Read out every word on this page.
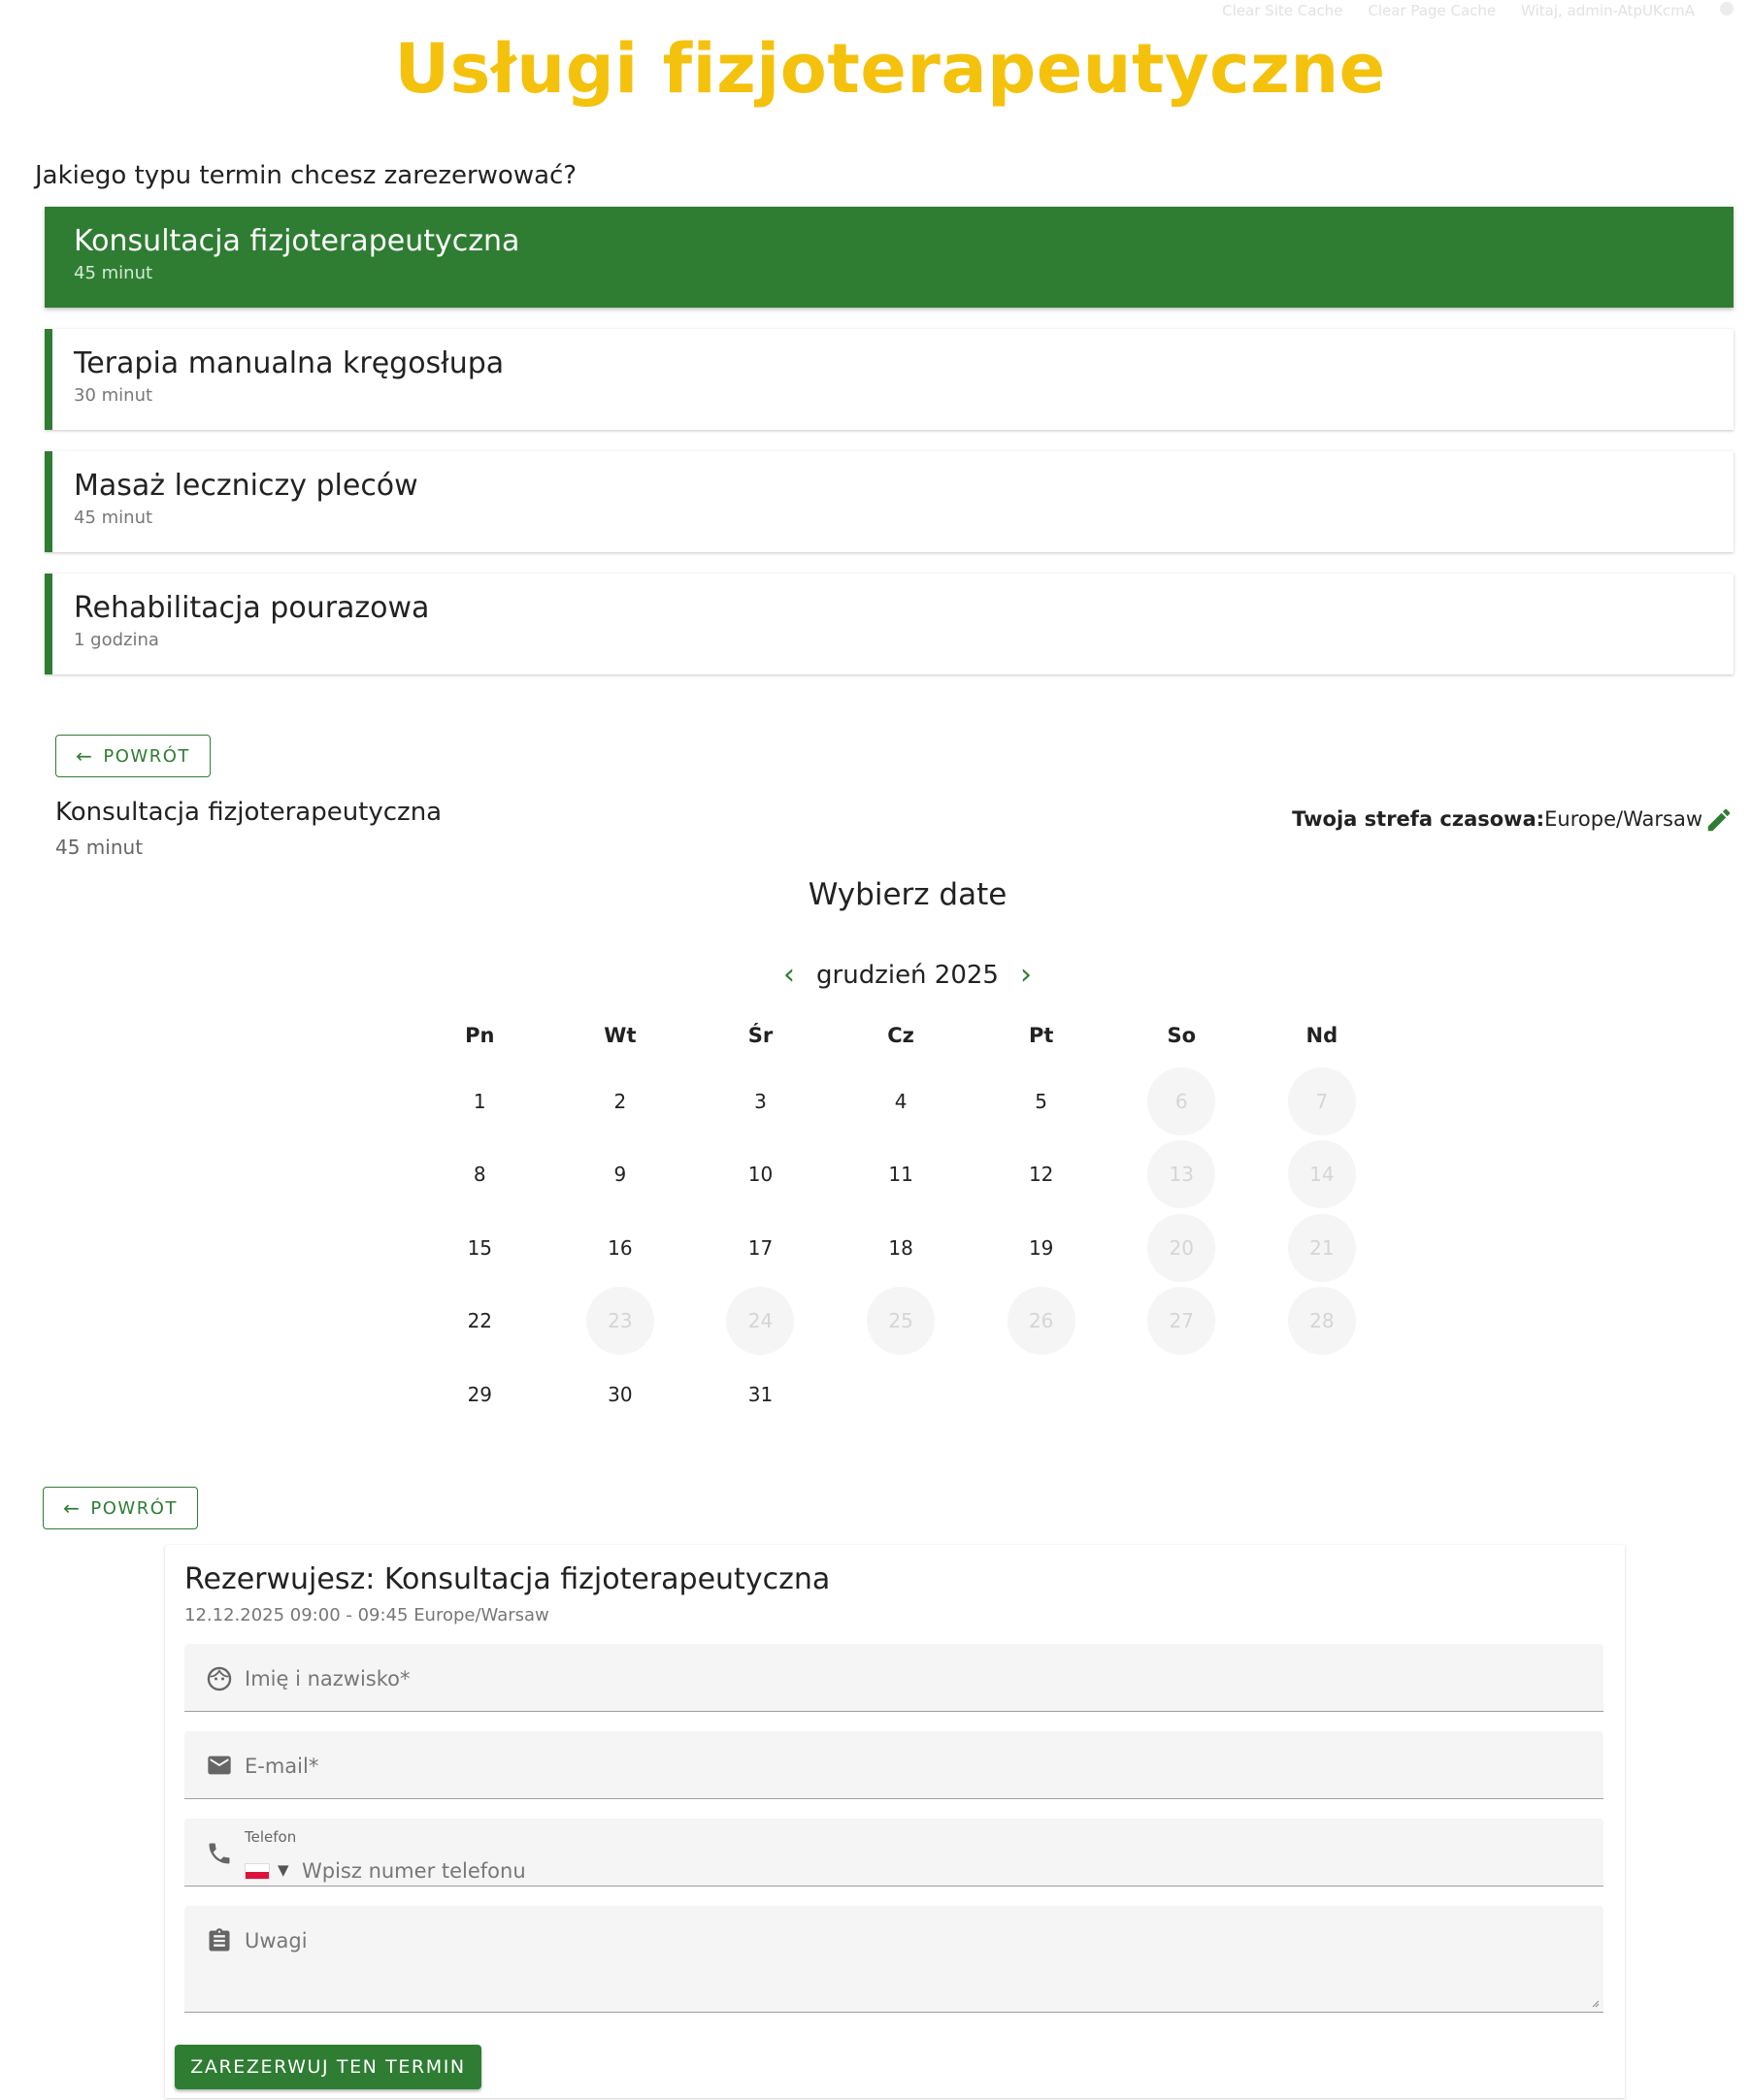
Clear Site Cache Clear Page Cache Witaj, admin-AtpUKcmA
Usługi fizjoterapeutyczne
Jakiego typu termin chcesz zarezerwować?
Konsultacja fizjoterapeutyczna
45 minut
Terapia manualna kręgosłupa
30 minut
Masaż leczniczy pleców
45 minut
Rehabilitacja pourazowa
1 godzina
← POWRÓT
Konsultacja fizjoterapeutyczna
45 minut
Twoja strefa czasowa: Europe/Warsaw
Wybierz date
‹ grudzień 2025 ›
Pn	Wt	Śr	Cz	Pt	So	Nd
1	2	3	4	5	6	7
8	9	10	11	12	13	14
15	16	17	18	19	20	21
22	23	24	25	26	27	28
29	30	31
← POWRÓT
Rezerwujesz: Konsultacja fizjoterapeutyczna
12.12.2025 09:00 - 09:45 Europe/Warsaw
Imię i nazwisko*
E-mail*
Telefon
▼ Wpisz numer telefonu
Uwagi
ZAREZERWUJ TEN TERMIN
